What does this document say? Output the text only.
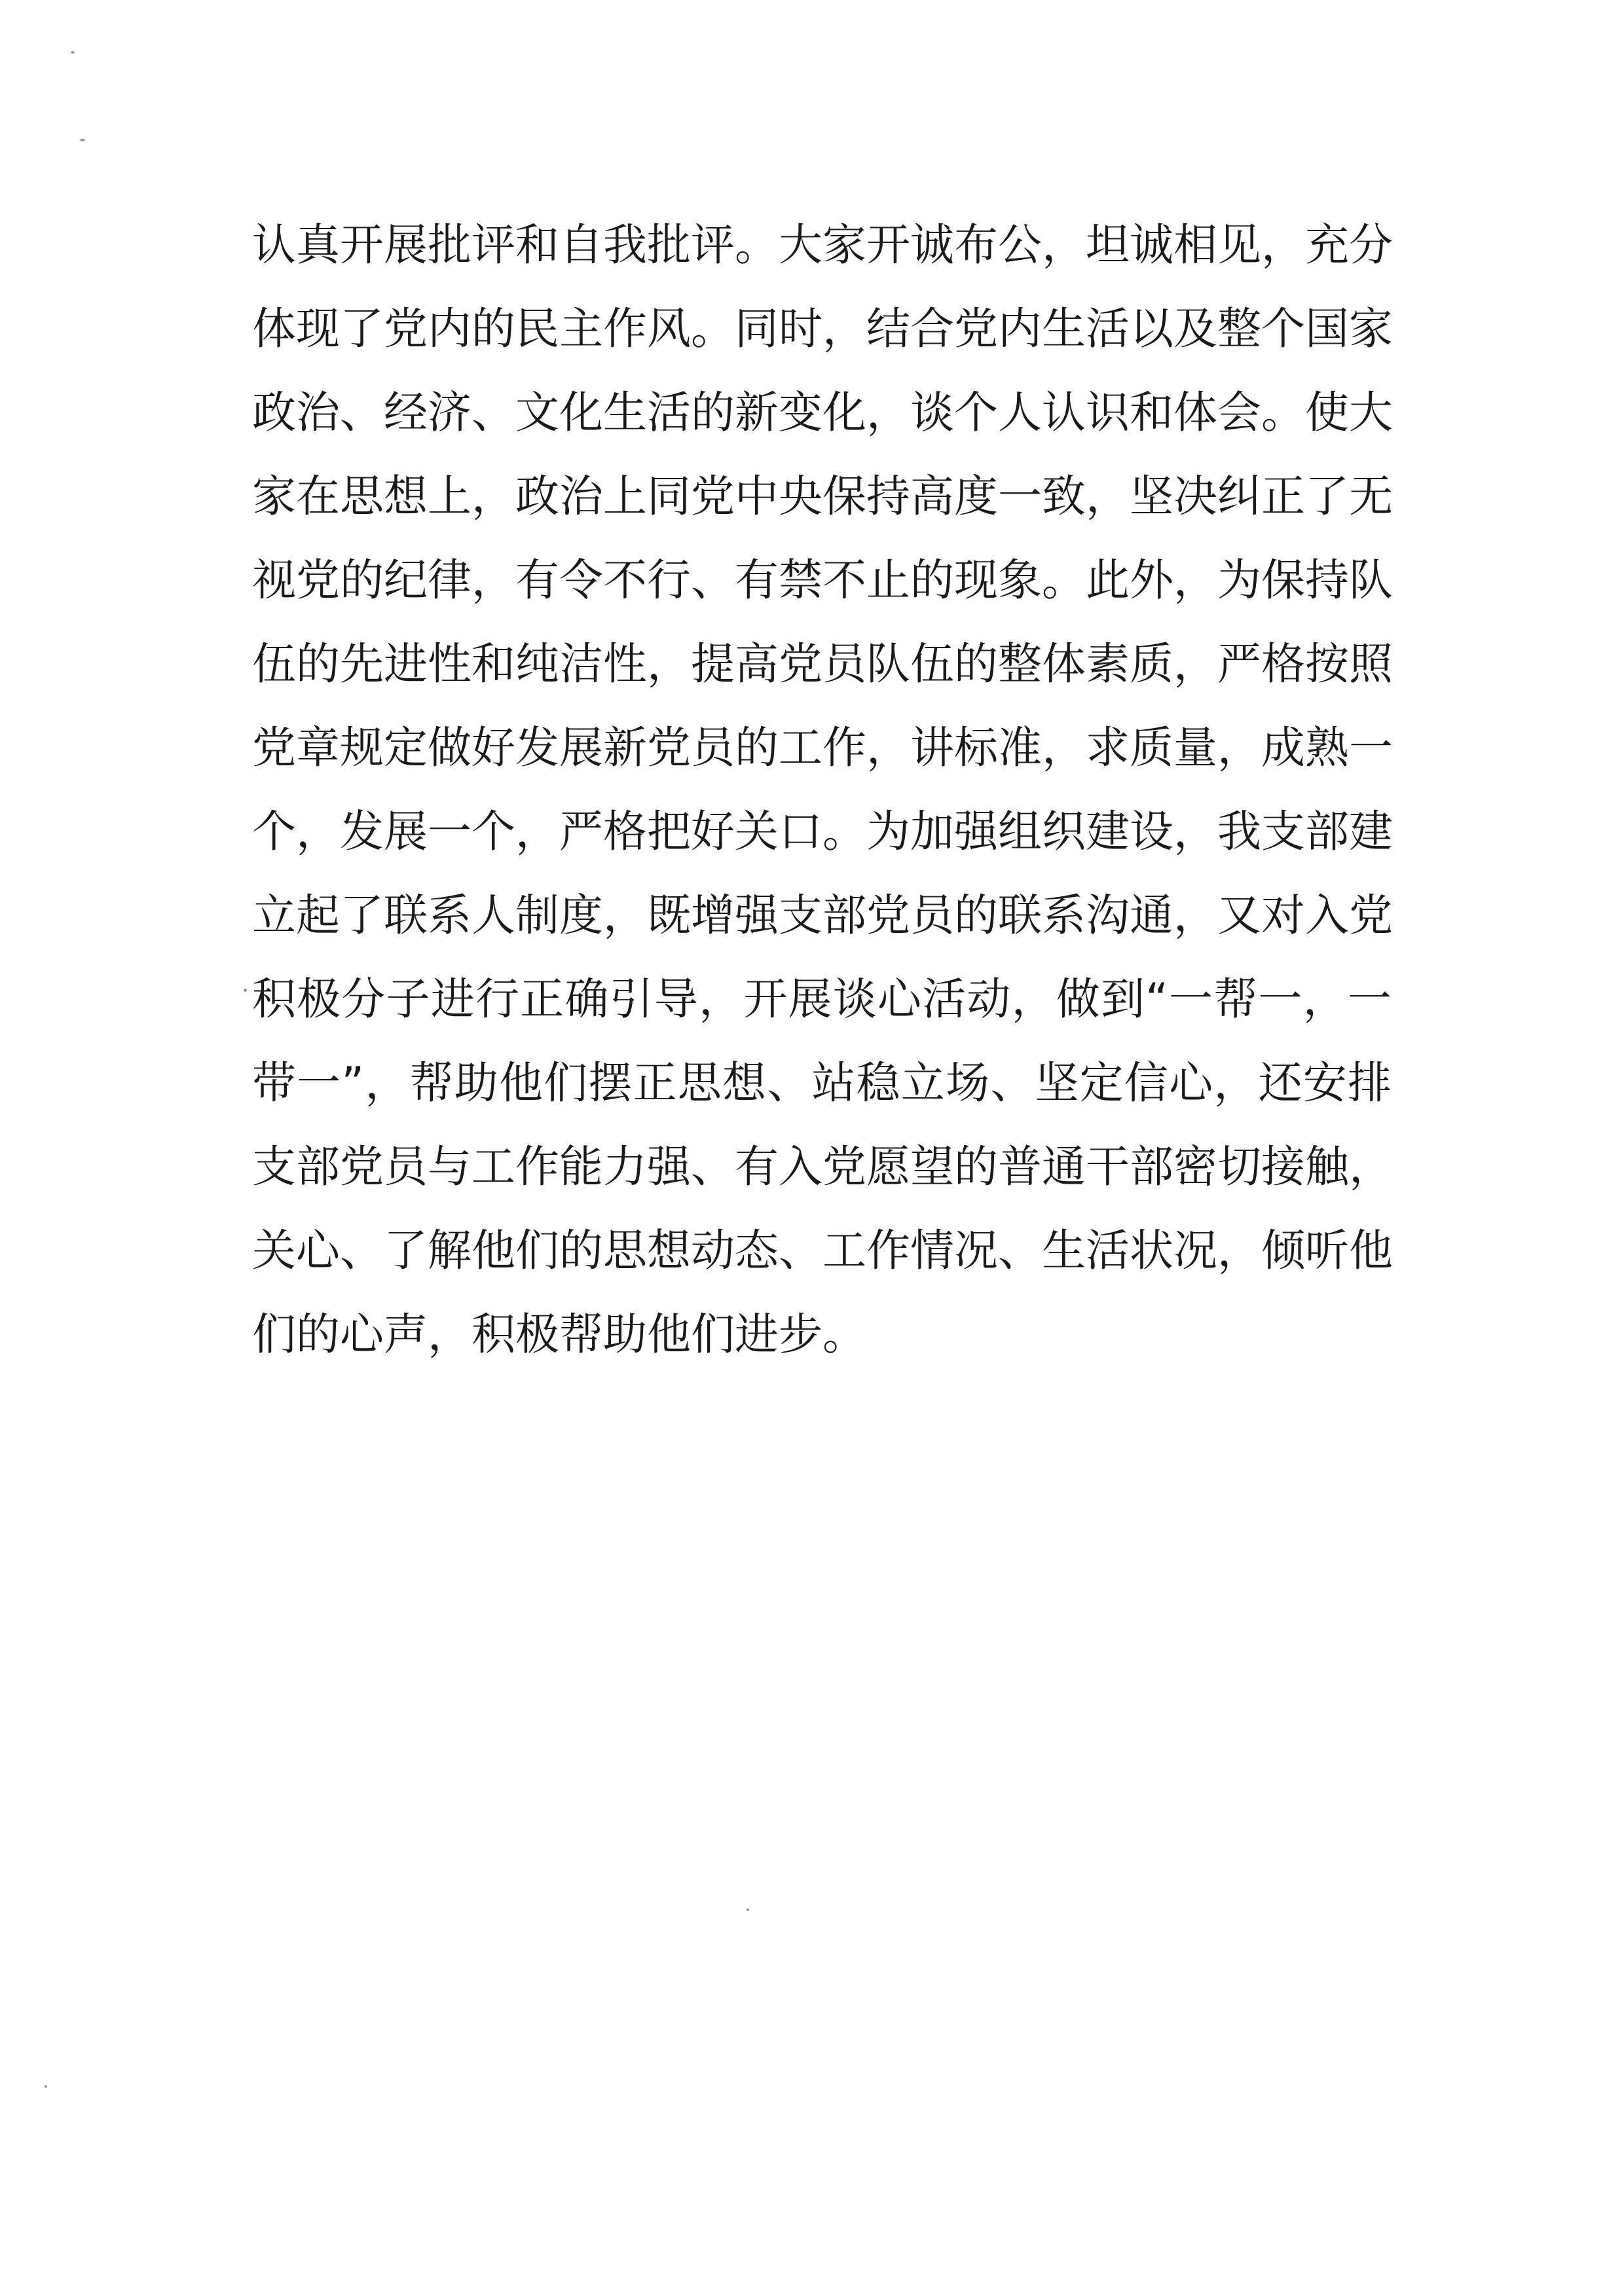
认真开展批评和自我批评。大家开诚布公，坦诚相见，充分
体现了党内的民主作风。同时，结合党内生活以及整个国家
政治、经济、文化生活的新变化，谈个人认识和体会。使大
家在思想上，政治上同党中央保持高度一致，坚决纠正了无
视党的纪律，有令不行、有禁不止的现象。此外，为保持队
伍的先进性和纯洁性，提高党员队伍的整体素质，严格按照
党章规定做好发展新党员的工作，讲标准，求质量，成熟一
个，发展一个，严格把好关口。为加强组织建设，我支部建
立起了联系人制度，既增强支部党员的联系沟通，又对入党
积极分子进行正确引导，开展谈心活动，做到“一帮一，一
带一”，帮助他们摆正思想、站稳立场、坚定信心，还安排
支部党员与工作能力强、有入党愿望的普通干部密切接触，
关心、了解他们的思想动态、工作情况、生活状况，倾听他
们的心声，积极帮助他们进步。
